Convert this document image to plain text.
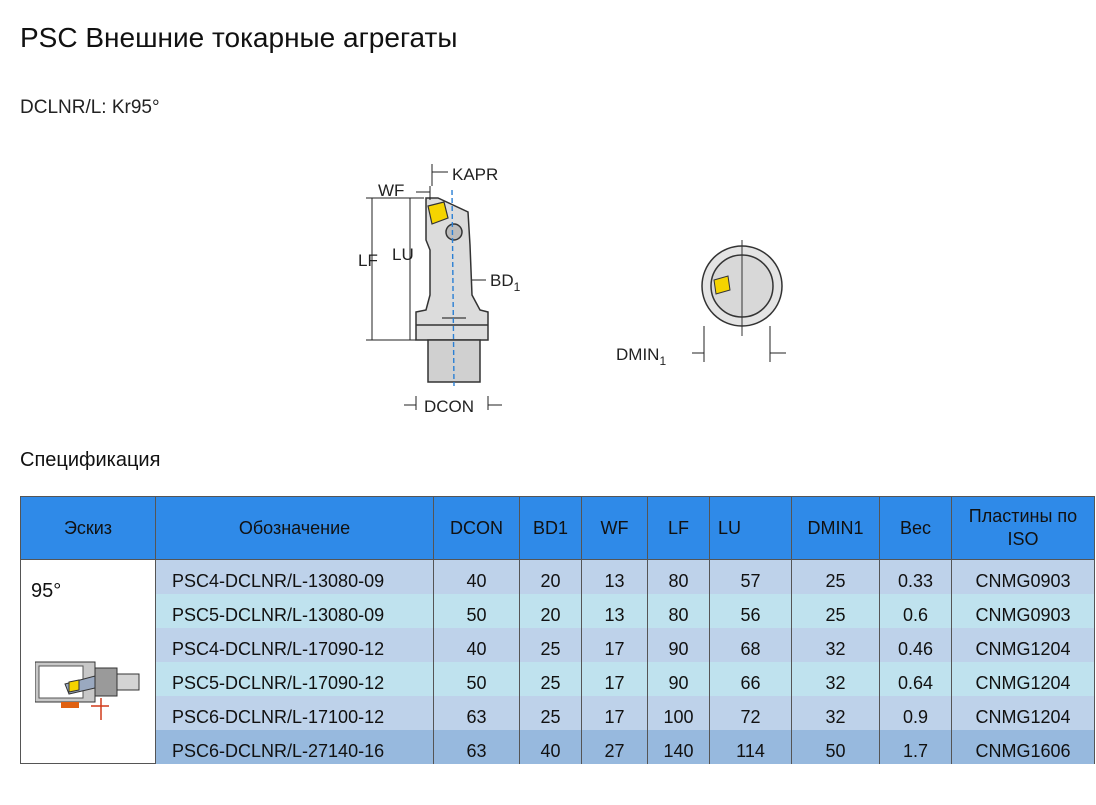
PSC Внешние токарные агрегаты
DCLNR/L: Kr95°
WF
KAPR
LF LU
$BD_1$
DCON
$DMIN_1$
Спецификация
Эскиз	Обозначение	DCON	BD1	WF	LF	LU	DMIN1	Вес	Пластины по
ISO

95°	PSC4-DCLNR/L-13080-09	40	20	13	80	57	25	0.33	CNMG0903
	PSC5-DCLNR/L-13080-09	50	20	13	80	56	25	0.6	CNMG0903
	PSC4-DCLNR/L-17090-12	40	25	17	90	68	32	0.46	CNMG1204
	PSC5-DCLNR/L-17090-12	50	25	17	90	66	32	0.64	CNMG1204
	PSC6-DCLNR/L-17100-12	63	25	17	100	72	32	0.9	CNMG1204
	PSC6-DCLNR/L-27140-16	63	40	27	140	114	50	1.7	CNMG1606
